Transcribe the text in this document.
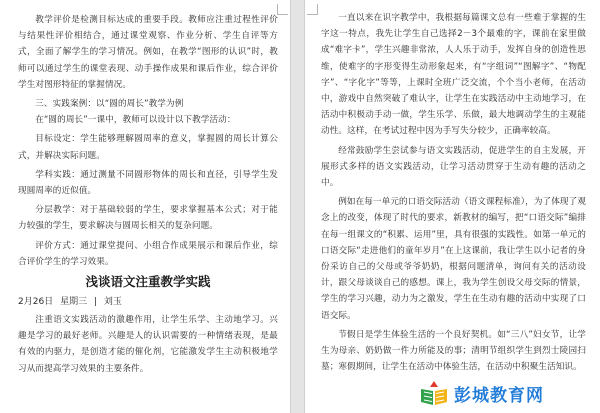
教学评价是检测目标达成的重要手段。教师应注重过程性评价与结果性评价相结合，通过课堂观察、作业分析、学生自评等方式，全面了解学生的学习情况。例如，在教学“图形的认识”时，教师可以通过学生的课堂表现、动手操作成果和课后作业，综合评价学生对图形特征的掌握情况。

三、实践案例：以“圆的周长”教学为例

在“圆的周长”一课中，教师可以设计以下教学活动：

目标设定：学生能够理解圆周率的意义，掌握圆的周长计算公式，并解决实际问题。

学科实践：通过测量不同圆形物体的周长和直径，引导学生发现圆周率的近似值。

分层教学：对于基础较弱的学生，要求掌握基本公式；对于能力较强的学生，要求解决与圆周长相关的复杂问题。

评价方式：通过课堂提问、小组合作成果展示和课后作业，综合评价学生的学习效果。

浅谈语文注重教学实践
2月26日 星期三 | 刘玉

注重语文实践活动的激趣作用，让学生乐学、主动地学习。兴趣是学习的最好老师。兴趣是人的认识需要的一种情绪表现，是最有效的内驱力，是创造才能的催化剂，它能激发学生主动积极地学习从而提高学习效果的主要条件。

一直以来在识字教学中，我根据每篇课文总有一些难于掌握的生字这一特点，我先让学生自己选择2－3个最难的字，课前在家里做成“难字卡”，学生兴趣非常浓，人人乐于动手，发挥自身的创造性思维，使难字的字形变得生动形象起来，有“字组词”“图解字”、“物配字”、“字化字”等等，上课时全班广泛交流，个个当小老师，在活动中，游戏中自然突破了难认字，让学生在实践活动中主动地学习，在活动中积极动手动一做，学生乐学、乐做，最大地调动学生的主观能动性。这样，在考试过程中因为手写失分较少，正确率较高。

经常鼓励学生尝试参与语文实践活动，促进学生的自主发展，开展形式多样的语文实践活动，让学习活动贯穿于生动有趣的活动之中。

例如在每一单元的口语交际活动（语文课程标准），为了体现了观念上的改变，体现了时代的要求，新教材的编写，把“口语交际”编排在每一组课文的“积累、运用”里，具有很强的实践性。如第一单元的口语交际“走进他们的童年岁月”在上这课前，我让学生以小记者的身份采访自己的父母或爷爷奶奶，根据问题清单，询问有关的活动设计，跟父母谈谈自己的感想。课上，我为学生创设父母交际的情景，学生的学习兴趣，动力为之激发，学生在生动有趣的活动中实现了口语交际。

节假日是学生体验生活的一个良好契机。如“三八”妇女节，让学生为母亲、奶奶做一件力所能及的事；清明节组织学生到烈士陵园扫墓；寒假期间，让学生在活动中体验生活，在活动中积聚生活知识。

彭城教育网
